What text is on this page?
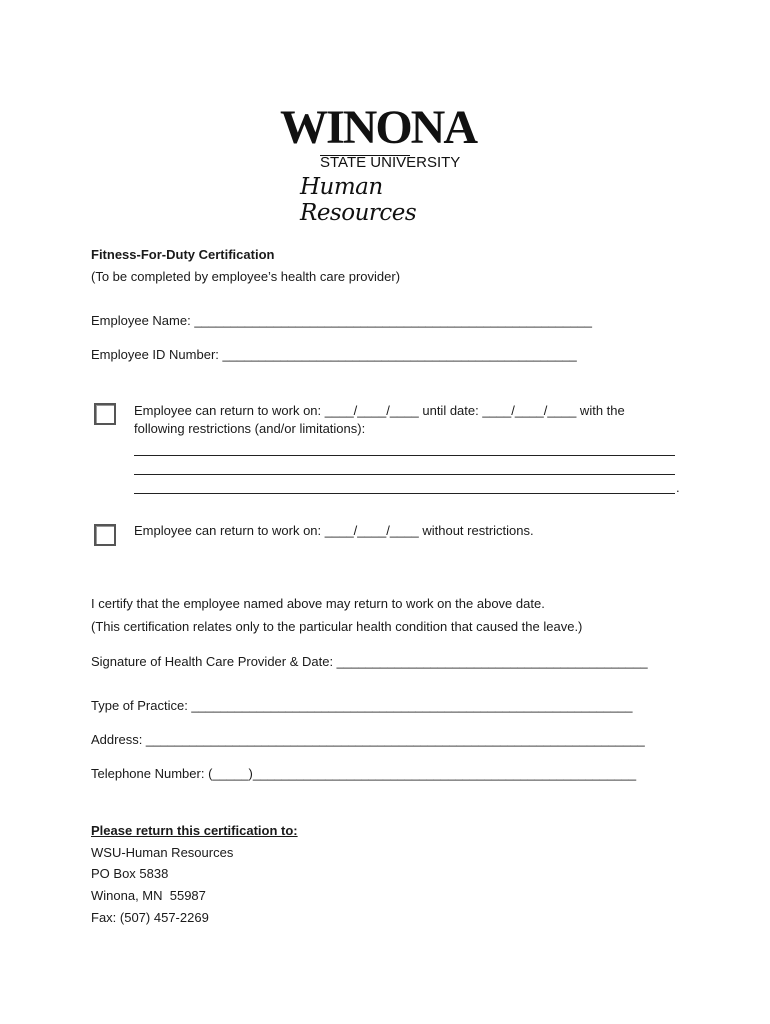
WINONA
STATE UNIVERSITY
Human Resources
Fitness-For-Duty Certification
(To be completed by employee’s health care provider)
Employee Name: _______________________________________________________
Employee ID Number: _________________________________________________
Employee can return to work on: ____/____/____ until date: ____/____/____ with the
following restrictions (and/or limitations):
.
Employee can return to work on: ____/____/____ without restrictions.
I certify that the employee named above may return to work on the above date.
(This certification relates only to the particular health condition that caused the leave.)
Signature of Health Care Provider & Date: ___________________________________________
Type of Practice: _____________________________________________________________
Address: _____________________________________________________________________
Telephone Number: (_____)_____________________________________________________
Please return this certification to:
WSU-Human Resources
PO Box 5838
Winona, MN  55987
Fax: (507) 457-2269
